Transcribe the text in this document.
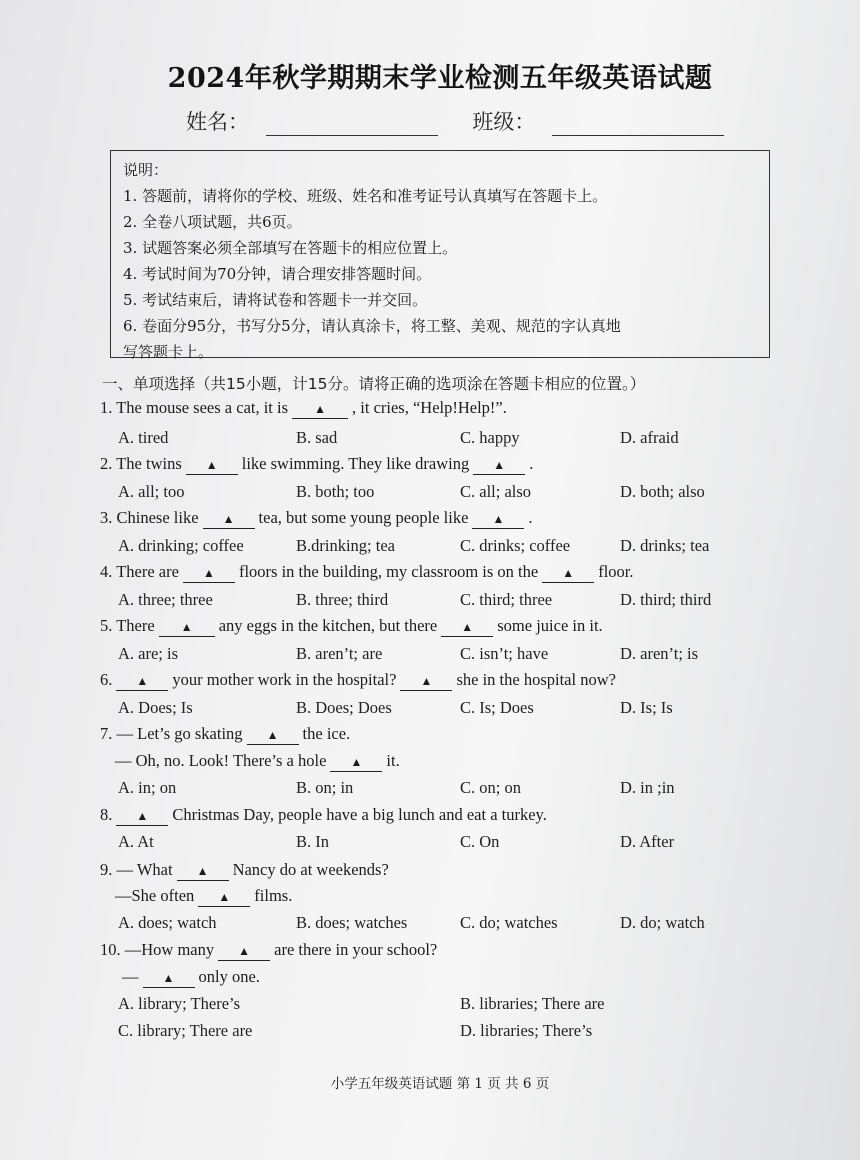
2024年秋学期期末学业检测五年级英语试题
姓名：	班级：
说明：
1. 答题前，请将你的学校、班级、姓名和准考证号认真填写在答题卡上。
2. 全卷八项试题，共6页。
3. 试题答案必须全部填写在答题卡的相应位置上。
4. 考试时间为70分钟，请合理安排答题时间。
5. 考试结束后，请将试卷和答题卡一并交回。
6. 卷面分95分，书写分5分，请认真涂卡，将工整、美观、规范的字认真地
写答题卡上。
一、单项选择（共15小题，计15分。请将正确的选项涂在答题卡相应的位置。）
1. The mouse sees a cat, it is ▲ , it cries, “Help!Help!”.
A. tired	B. sad	C. happy	D. afraid
2. The twins ▲ like swimming. They like drawing ▲ .
A. all; too	B. both; too	C. all; also	D. both; also
3. Chinese like ▲ tea, but some young people like ▲ .
A. drinking; coffee	B.drinking; tea	C. drinks; coffee	D. drinks; tea
4. There are ▲ floors in the building, my classroom is on the ▲ floor.
A. three; three	B. three; third	C. third; three	D. third; third
5. There ▲ any eggs in the kitchen, but there ▲ some juice in it.
A. are; is	B. aren’t; are	C. isn’t; have	D. aren’t; is
6. ▲ your mother work in the hospital? ▲ she in the hospital now?
A. Does; Is	B. Does; Does	C. Is; Does	D. Is; Is
7. — Let’s go skating ▲ the ice.
— Oh, no. Look! There’s a hole ▲ it.
A. in; on	B. on; in	C. on; on	D. in ;in
8. ▲ Christmas Day, people have a big lunch and eat a turkey.
A. At	B. In	C. On	D. After
9. — What ▲ Nancy do at weekends?
—She often ▲ films.
A. does; watch	B. does; watches	C. do; watches	D. do; watch
10. —How many ▲ are there in your school?
— ▲ only one.
A. library; There’s	B. libraries; There are
C. library; There are	D. libraries; There’s
小学五年级英语试题 第 1 页 共 6 页
